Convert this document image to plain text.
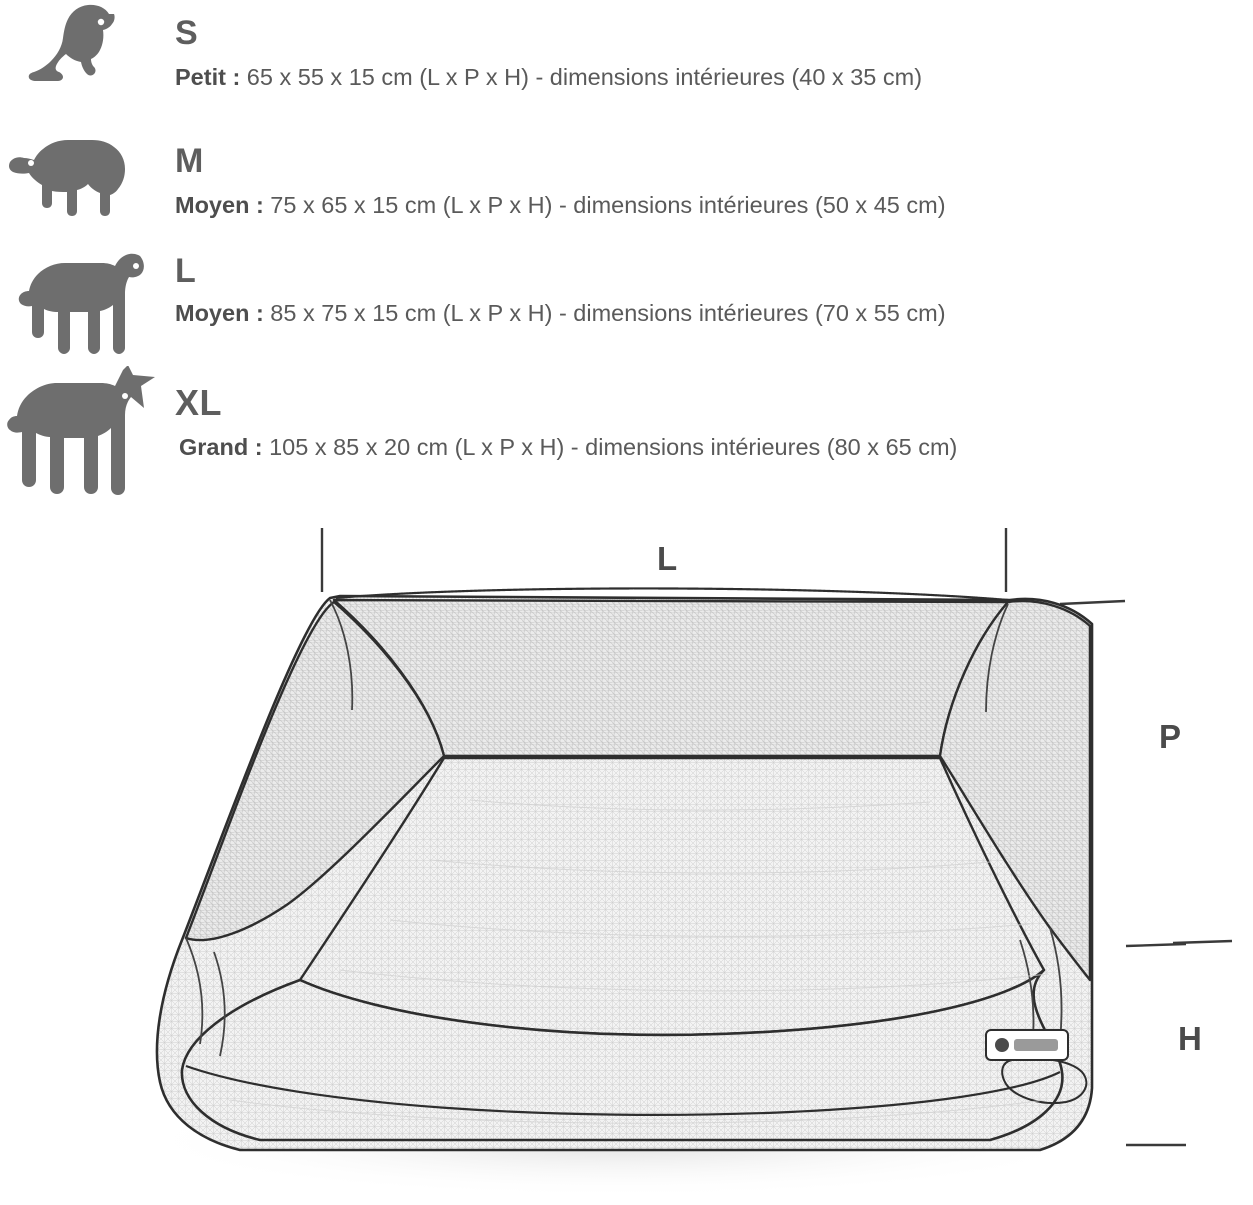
S
Petit : 65 x 55 x 15 cm (L x P x H) - dimensions intérieures (40 x 35 cm)
M
Moyen : 75 x 65 x 15 cm (L x P x H) - dimensions intérieures (50 x 45 cm)
L
Moyen : 85 x 75 x 15 cm (L x P x H) - dimensions intérieures (70 x 55 cm)
XL
Grand : 105 x 85 x 20 cm (L x P x H) - dimensions intérieures (80 x 65 cm)
L
P
H
